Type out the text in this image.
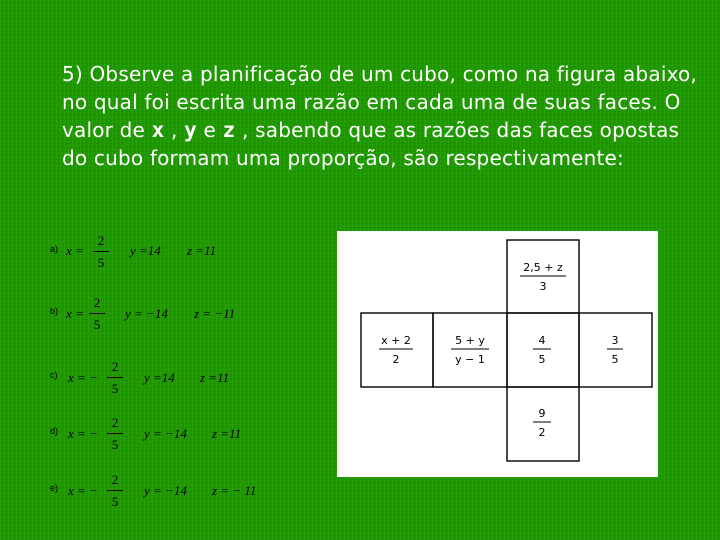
5) Observe a planificação de um cubo, como na figura abaixo, no qual foi escrita uma razão em cada uma de suas faces. O valor de x , y e z , sabendo que as razões das faces opostas do cubo formam uma proporção, são respectivamente:
a) x =
2
5
y =14 z =11
b) x =
2
5
y = −14 z = −11
c) x = −
2
5
y =14 z =11
d) x = −
2
5
y = −14 z =11
e) x = −
2
5
y = −14 z = − 11
2,5 + z
3
x + 2
2
5 + y
y − 1
4
5
3
5
9
2
